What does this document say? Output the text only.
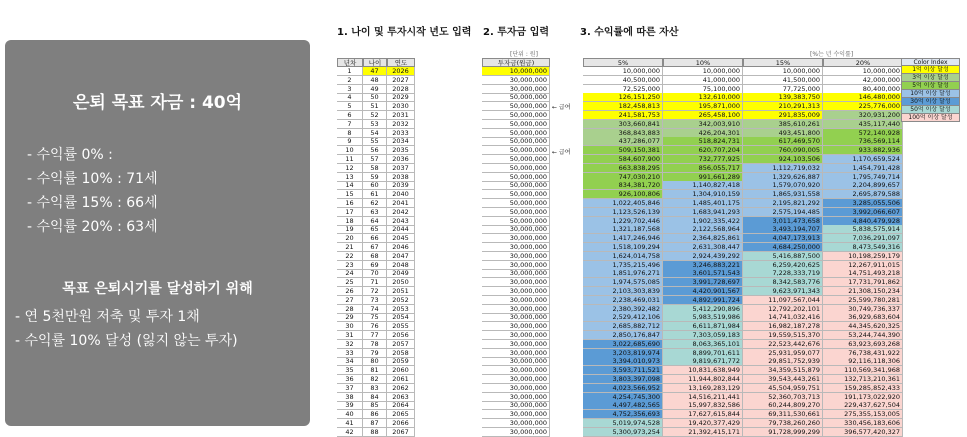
은퇴 목표 자금 : 40억
- 수익률 0% :
- 수익률 10% : 71세
- 수익률 15% : 66세
- 수익률 20% : 63세
목표 은퇴시기를 달성하기 위해
- 연 5천만원 저축 및 투자 1채
- 수익률 10% 달성 (잃지 않는 투자)
1. 나이 및 투자시작 년도 입력 2. 투자금 입력	3. 수익률에 따른 자산
[단위 : 원]	[%는 년 수익률]
년차	나이	연도	투자금(원금)	5%	10%	15%	20%
← 급여
← 급여
1	47	2026	10,000,000	10,000,000	10,000,000	10,000,000	10,000,000
2	48	2027	30,000,000	40,500,000	41,000,000	41,500,000	42,000,000
3	49	2028	30,000,000	72,525,000	75,100,000	77,725,000	80,400,000
4	50	2029	50,000,000	126,151,250	132,610,000	139,383,750	146,480,000
5	51	2030	50,000,000	182,458,813	195,871,000	210,291,313	225,776,000
6	52	2031	50,000,000	241,581,753	265,458,100	291,835,009	320,931,200
7	53	2032	50,000,000	303,660,841	342,003,910	385,610,261	435,117,440
8	54	2033	50,000,000	368,843,883	426,204,301	493,451,800	572,140,928
9	55	2034	50,000,000	437,286,077	518,824,731	617,469,570	736,569,114
10	56	2035	50,000,000	509,150,381	620,707,204	760,090,005	933,882,936
11	57	2036	50,000,000	584,607,900	732,777,925	924,103,506	1,170,659,524
12	58	2037	50,000,000	663,838,295	856,055,717	1,112,719,032	1,454,791,428
13	59	2038	50,000,000	747,030,210	991,661,289	1,329,626,887	1,795,749,714
14	60	2039	50,000,000	834,381,720	1,140,827,418	1,579,070,920	2,204,899,657
15	61	2040	50,000,000	926,100,806	1,304,910,159	1,865,931,558	2,695,879,588
16	62	2041	50,000,000	1,022,405,846	1,485,401,175	2,195,821,292	3,285,055,506
17	63	2042	50,000,000	1,123,526,139	1,683,941,293	2,575,194,485	3,992,066,607
18	64	2043	50,000,000	1,229,702,446	1,902,335,422	3,011,473,658	4,840,479,928
19	65	2044	30,000,000	1,321,187,568	2,122,568,964	3,493,194,707	5,838,575,914
20	66	2045	30,000,000	1,417,246,946	2,364,825,861	4,047,173,913	7,036,291,097
21	67	2046	30,000,000	1,518,109,294	2,631,308,447	4,684,250,000	8,473,549,316
22	68	2047	30,000,000	1,624,014,758	2,924,439,292	5,416,887,500	10,198,259,179
23	69	2048	30,000,000	1,735,215,496	3,246,883,221	6,259,420,625	12,267,911,015
24	70	2049	30,000,000	1,851,976,271	3,601,571,543	7,228,333,719	14,751,493,218
25	71	2050	30,000,000	1,974,575,085	3,991,728,697	8,342,583,776	17,731,791,862
26	72	2051	30,000,000	2,103,303,839	4,420,901,567	9,623,971,343	21,308,150,234
27	73	2052	30,000,000	2,238,469,031	4,892,991,724	11,097,567,044	25,599,780,281
28	74	2053	30,000,000	2,380,392,482	5,412,290,896	12,792,202,101	30,749,736,337
29	75	2054	30,000,000	2,529,412,106	5,983,519,986	14,741,032,416	36,929,683,604
30	76	2055	30,000,000	2,685,882,712	6,611,871,984	16,982,187,278	44,345,620,325
31	77	2056	30,000,000	2,850,176,847	7,303,059,183	19,559,515,370	53,244,744,390
32	78	2057	30,000,000	3,022,685,690	8,063,365,101	22,523,442,676	63,923,693,268
33	79	2058	30,000,000	3,203,819,974	8,899,701,611	25,931,959,077	76,738,431,922
34	80	2059	30,000,000	3,394,010,973	9,819,671,772	29,851,752,939	92,116,118,306
35	81	2060	30,000,000	3,593,711,521	10,831,638,949	34,359,515,879	110,569,341,968
36	82	2061	30,000,000	3,803,397,098	11,944,802,844	39,543,443,261	132,713,210,361
37	83	2062	30,000,000	4,023,566,952	13,169,283,129	45,504,959,751	159,285,852,433
38	84	2063	30,000,000	4,254,745,300	14,516,211,441	52,360,703,713	191,173,022,920
39	85	2064	30,000,000	4,497,482,565	15,997,832,586	60,244,809,270	229,437,627,504
40	86	2065	30,000,000	4,752,356,693	17,627,615,844	69,311,530,661	275,355,153,005
41	87	2066	30,000,000	5,019,974,528	19,420,377,429	79,738,260,260	330,456,183,606
42	88	2067	30,000,000	5,300,973,254	21,392,415,171	91,728,999,299	396,577,420,327
Color Index
1억 이상 달성
3억 이상 달성
5억 이상 달성
10억 이상 달성
30억 이상 달성
50억 이상 달성
100억 이상 달성
